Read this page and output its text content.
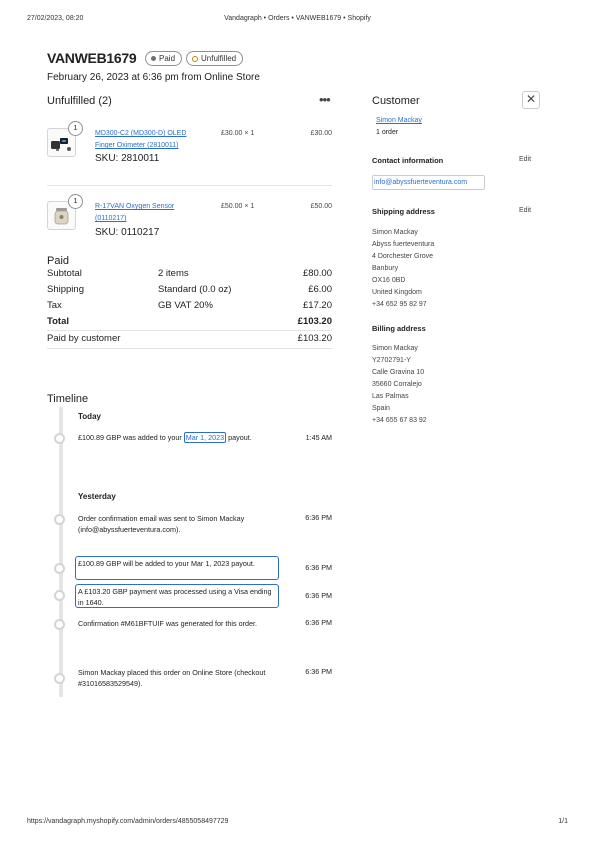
27/02/2023, 08:20	Vandagraph • Orders • VANWEB1679 • Shopify
VANWEB1679	Paid	Unfulfilled
February 26, 2023 at 6:36 pm from Online Store
Unfulfilled (2)	•••
1
MD300-C2 (MD300-D) OLED Finger Oximeter (2810011)
SKU: 2810011
£30.00 × 1	£30.00
1
R-17VAN Oxygen Sensor (0110217)
SKU: 0110217
£50.00 × 1	£50.00
Paid
Subtotal	2 items	£80.00
Shipping	Standard (0.0 oz)	£6.00
Tax	GB VAT 20%	£17.20
Total	£103.20
Paid by customer	£103.20
Timeline
Today
£100.89 GBP was added to your Mar 1, 2023 payout.	1:45 AM
Yesterday
Order confirmation email was sent to Simon Mackay (info@abyssfuerteventura.com).
6:36 PM
£100.89 GBP will be added to your Mar 1, 2023 payout.	6:36 PM
A £103.20 GBP payment was processed using a Visa ending in 1640.
6:36 PM
Confirmation #M61BFTUIF was generated for this order.	6:36 PM
Simon Mackay placed this order on Online Store (checkout #31016583529549).
6:36 PM
Customer	✕
Simon Mackay
1 order
Contact information	Edit
info@abyssfuerteventura.com
Shipping address	Edit
Simon Mackay
Abyss fuerteventura
4 Dorchester Grove
Banbury
OX16 0BD
United Kingdom
+34 652 95 82 97
Billing address
Simon Mackay
Y2702791-Y
Calle Gravina 10
35660 Corralejo
Las Palmas
Spain
+34 655 67 83 92
https://vandagraph.myshopify.com/admin/orders/4855058497729	1/1
